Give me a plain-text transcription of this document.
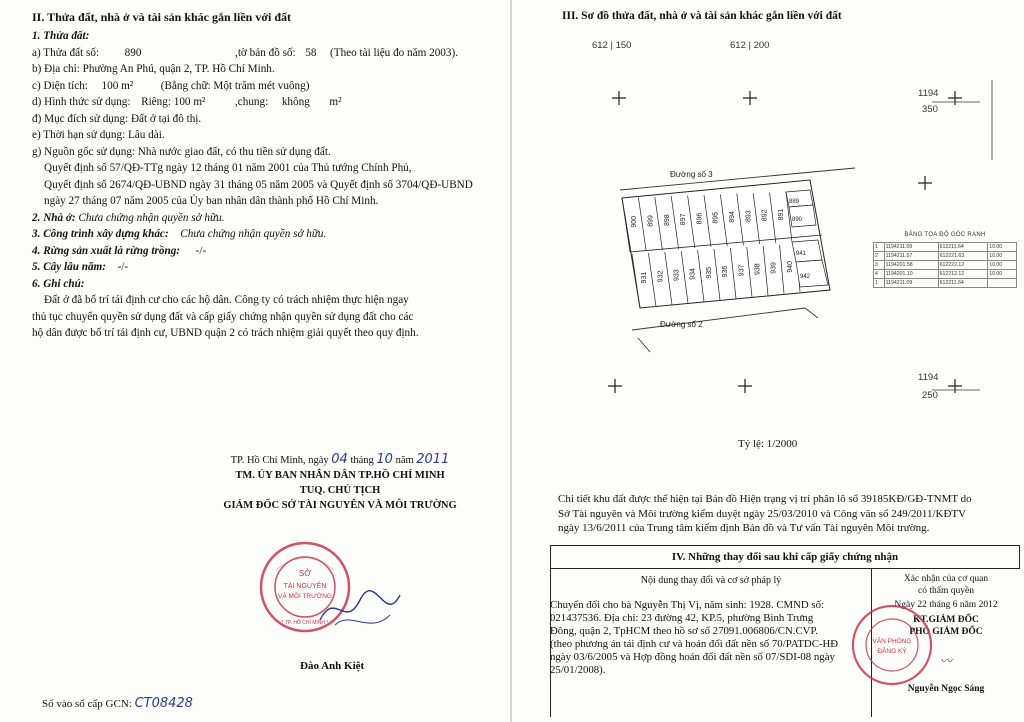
II. Thửa đất, nhà ở và tài sản khác gắn liền với đất
1. Thửa đất:
a) Thửa đất số: 890	,tờ bản đồ số: 58 (Theo tài liệu đo năm 2003).
b) Địa chỉ: Phường An Phú, quận 2, TP. Hồ Chí Minh.
c) Diện tích: 100 m² (Bằng chữ: Một trăm mét vuông)
d) Hình thức sử dụng: Riêng: 100 m²	,chung: không m²
đ) Mục đích sử dụng: Đất ở tại đô thị.
e) Thời hạn sử dụng: Lâu dài.
g) Nguồn gốc sử dụng: Nhà nước giao đất, có thu tiền sử dụng đất.
Quyết định số 57/QĐ-TTg ngày 12 tháng 01 năm 2001 của Thủ tướng Chính Phủ,
Quyết định số 2674/QĐ-UBND ngày 31 tháng 05 năm 2005 và Quyết định số 3704/QĐ-UBND
ngày 27 tháng 07 năm 2005 của Ủy ban nhân dân thành phố Hồ Chí Minh.
2. Nhà ở: Chưa chứng nhận quyền sở hữu.
3. Công trình xây dựng khác: Chưa chứng nhận quyền sở hữu.
4. Rừng sản xuất là rừng trồng: -/-
5. Cây lâu năm: -/-
6. Ghi chú:
Đất ở đã bố trí tái định cư cho các hộ dân. Công ty có trách nhiệm thực hiện ngay
thủ tục chuyển quyền sử dụng đất và cấp giấy chứng nhận quyền sử dụng đất cho các
hộ dân được bố trí tái định cư, UBND quận 2 có trách nhiệm giải quyết theo quy định.
TP. Hồ Chí Minh, ngày 04 tháng 10 năm 2011
TM. ỦY BAN NHÂN DÂN TP.HỒ CHÍ MINH
TUQ. CHỦ TỊCH
GIÁM ĐỐC SỞ TÀI NGUYÊN VÀ MÔI TRƯỜNG
SỞ
TÀI NGUYÊN
VÀ MÔI TRƯỜNG
* TP. HỒ CHÍ MINH *
Đào Anh Kiệt
Số vào sổ cấp GCN: CT08428
III. Sơ đồ thửa đất, nhà ở và tài sản khác gắn liền với đất
612 | 150	612 | 200
1194
350
1194
250
900
931
899
932
898
933
897
934
896
935
895
936
894
937
893
938
892
939
891
940
889
890
941
942
Đường số 3
Đường số 2
BẢNG TỌA ĐỘ GÓC RANH
1	1194211.09	612211.64	10.00
2	1194211.57	612221.63	10.00
3	1194201.58	612222.12	10.00
4	1194201.10	612212.12	10.00
1	1194211.09	612211.64	
Tỷ lệ: 1/2000
Chi tiết khu đất được thể hiện tại Bản đồ Hiện trạng vị trí phân lô số 39185KĐ/GĐ-TNMT do
Sở Tài nguyên và Môi trường kiểm duyệt ngày 25/03/2010 và Công văn số 249/2011/KĐTV
ngày 13/6/2011 của Trung tâm kiểm định Bản đồ và Tư vấn Tài nguyên Môi trường.
IV. Những thay đổi sau khi cấp giấy chứng nhận
Nội dung thay đổi và cơ sở pháp lý
Chuyển đổi cho bà Nguyễn Thị Vị, năm sinh: 1928. CMND số:
021437536. Địa chỉ: 23 đường 42, KP.5, phường Bình Trưng
Đông, quận 2, TpHCM theo hồ sơ số 27091.006806/CN.CVP.
(theo phương án tái định cư và hoán đổi đất nền số 70/PATDC-HĐ
ngày 03/6/2005 và Hợp đồng hoán đổi đất nền số 07/SDI-08 ngày
25/01/2008).
Xác nhận của cơ quan
có thẩm quyền
Ngày 22 tháng 6 năm 2012
KT.GIÁM ĐỐC
PHÓ GIÁM ĐỐC
〰
Nguyễn Ngọc Sáng
VĂN PHÒNG
ĐĂNG KÝ
